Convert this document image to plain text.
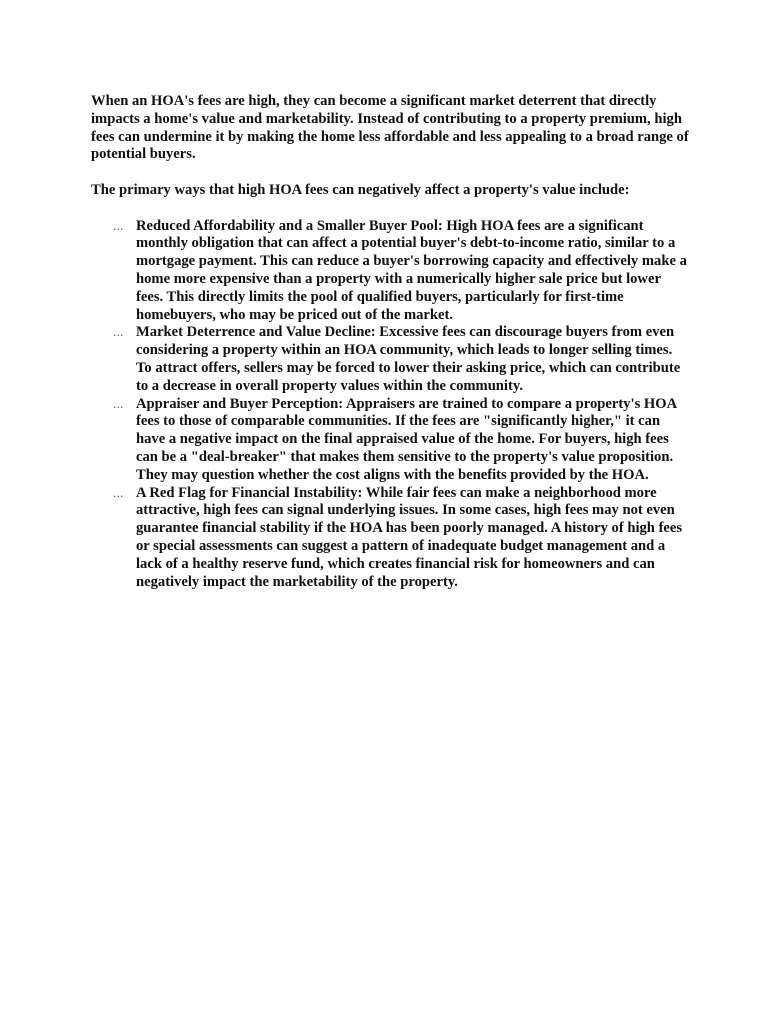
When an HOA's fees are high, they can become a significant market deterrent that directly impacts a home's value and marketability. Instead of contributing to a property premium, high fees can undermine it by making the home less affordable and less appealing to a broad range of potential buyers.

The primary ways that high HOA fees can negatively affect a property's value include:

... Reduced Affordability and a Smaller Buyer Pool: High HOA fees are a significant monthly obligation that can affect a potential buyer's debt-to-income ratio, similar to a mortgage payment. This can reduce a buyer's borrowing capacity and effectively make a home more expensive than a property with a numerically higher sale price but lower fees. This directly limits the pool of qualified buyers, particularly for first-time homebuyers, who may be priced out of the market.
... Market Deterrence and Value Decline: Excessive fees can discourage buyers from even considering a property within an HOA community, which leads to longer selling times. To attract offers, sellers may be forced to lower their asking price, which can contribute to a decrease in overall property values within the community.
... Appraiser and Buyer Perception: Appraisers are trained to compare a property's HOA fees to those of comparable communities. If the fees are "significantly higher," it can have a negative impact on the final appraised value of the home. For buyers, high fees can be a "deal-breaker" that makes them sensitive to the property's value proposition. They may question whether the cost aligns with the benefits provided by the HOA.
... A Red Flag for Financial Instability: While fair fees can make a neighborhood more attractive, high fees can signal underlying issues. In some cases, high fees may not even guarantee financial stability if the HOA has been poorly managed. A history of high fees or special assessments can suggest a pattern of inadequate budget management and a lack of a healthy reserve fund, which creates financial risk for homeowners and can negatively impact the marketability of the property.
